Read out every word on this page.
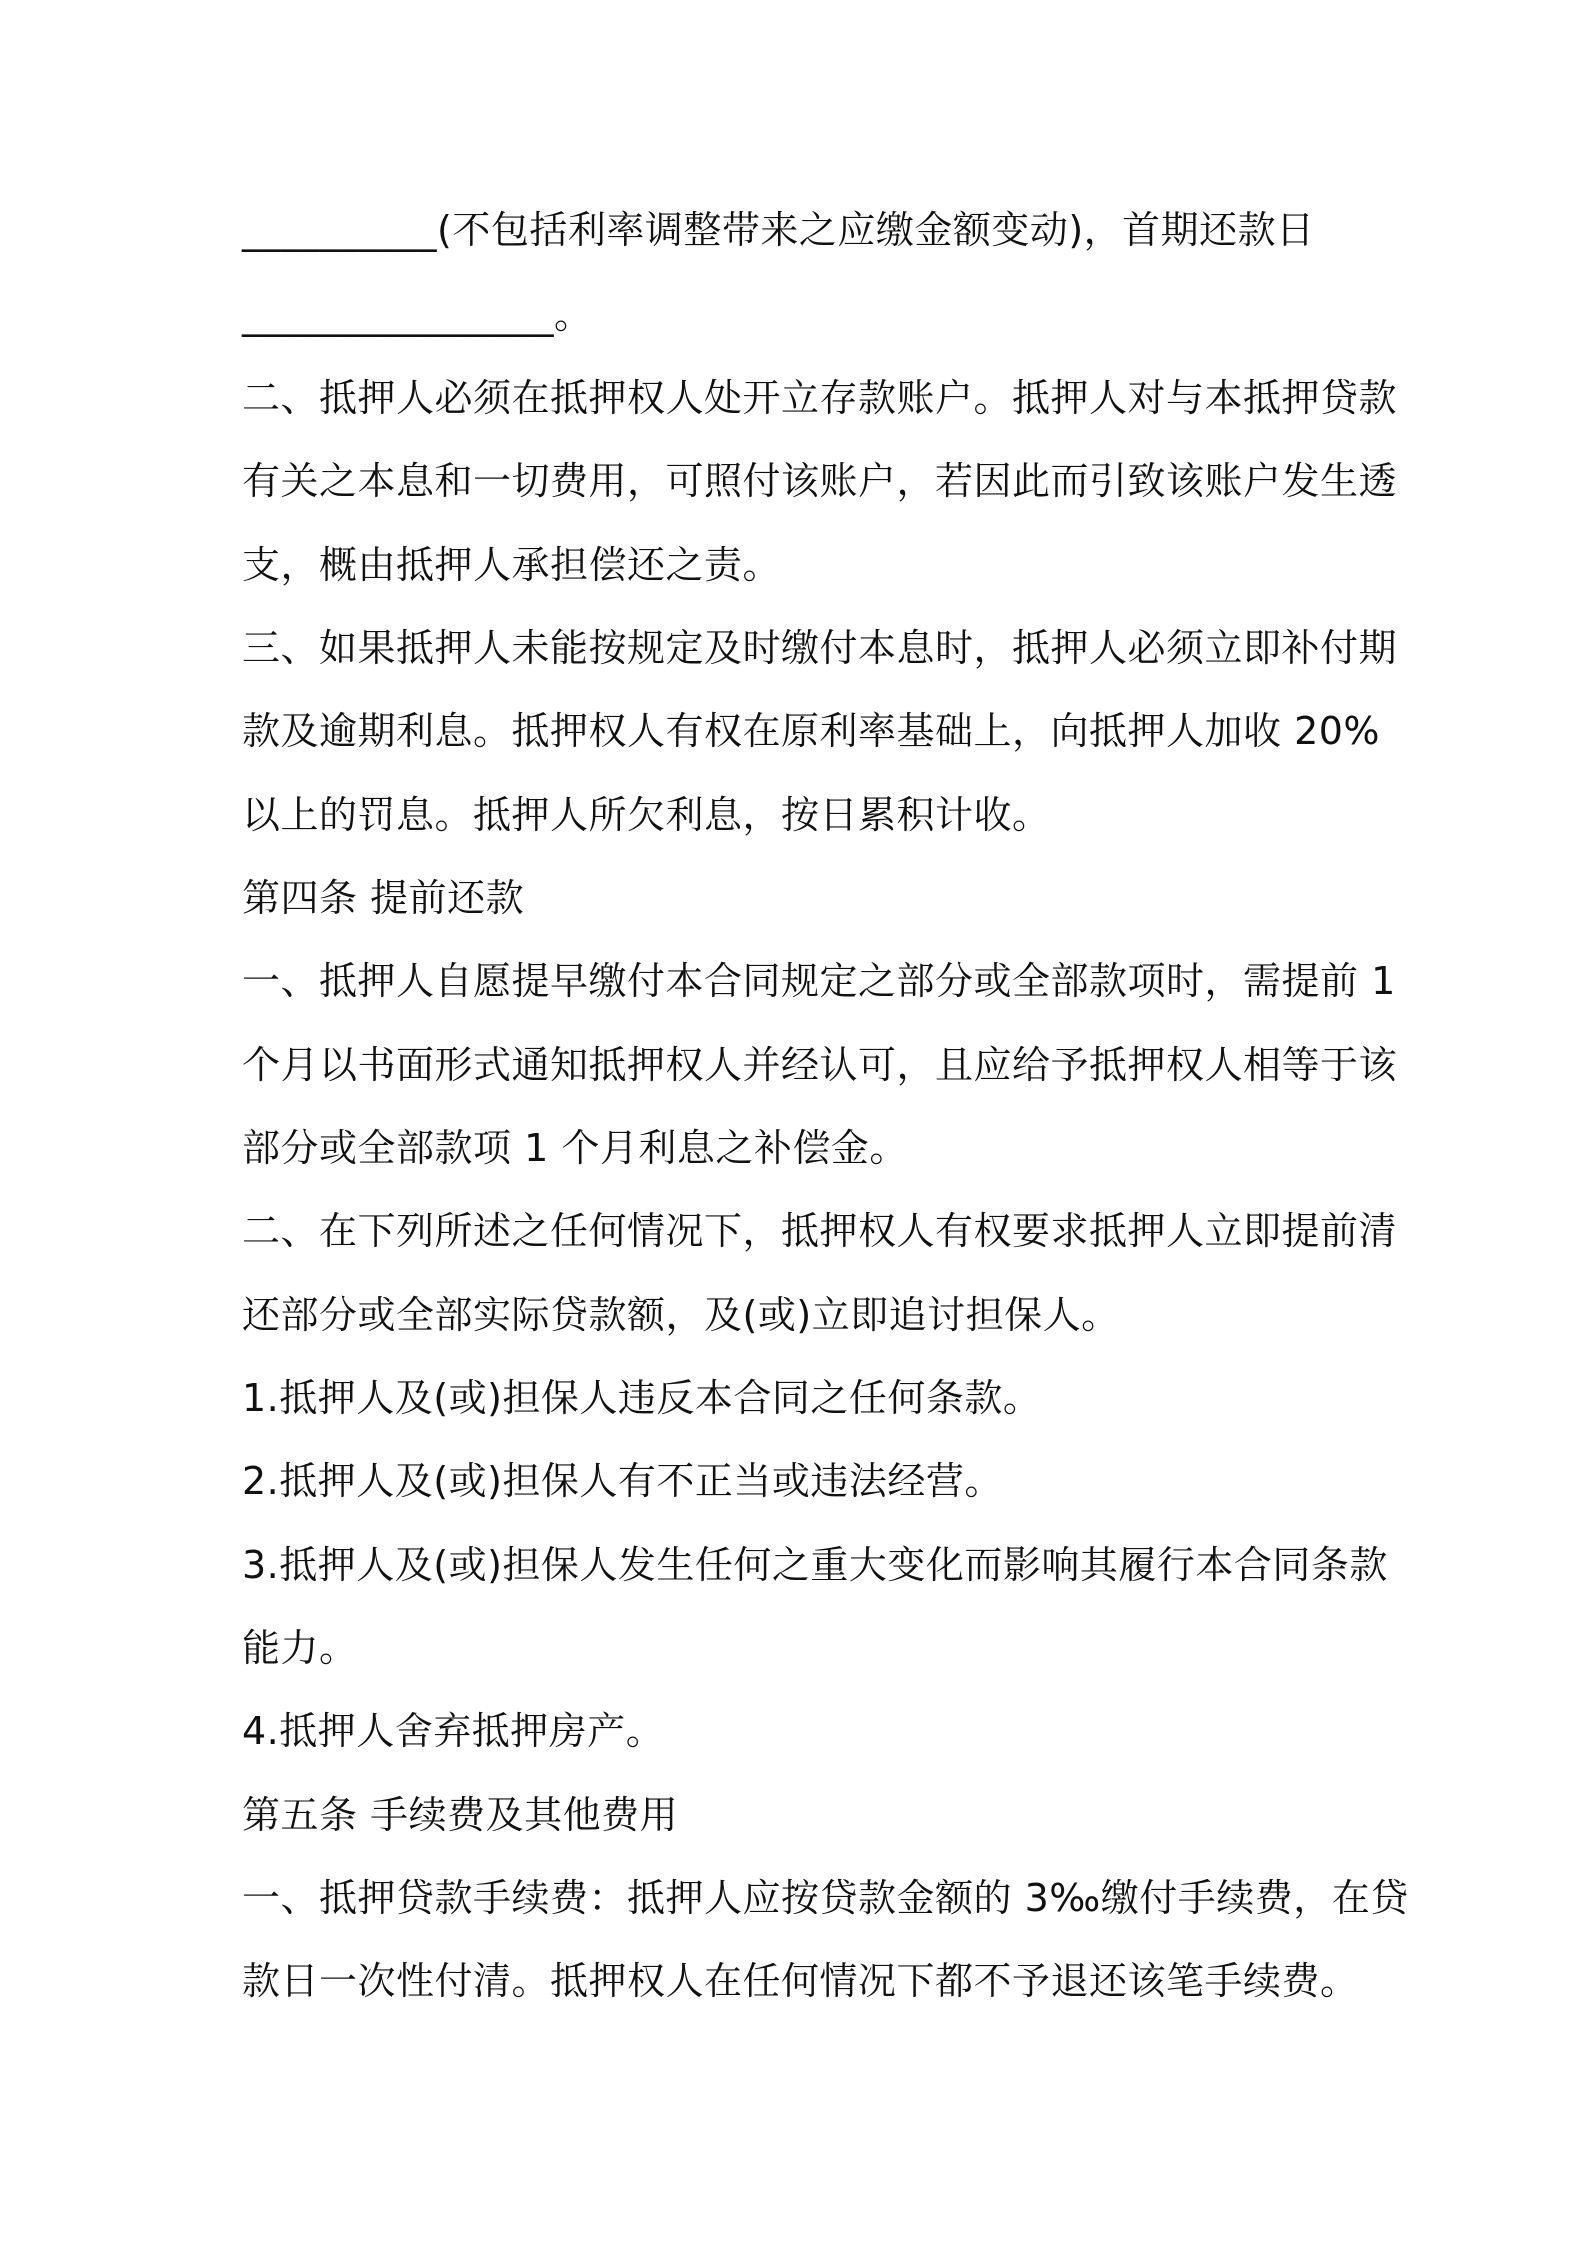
__________(不包括利率调整带来之应缴金额变动)，首期还款日
________________。
二、抵押人必须在抵押权人处开立存款账户。抵押人对与本抵押贷款
有关之本息和一切费用，可照付该账户，若因此而引致该账户发生透
支，概由抵押人承担偿还之责。
三、如果抵押人未能按规定及时缴付本息时，抵押人必须立即补付期
款及逾期利息。抵押权人有权在原利率基础上，向抵押人加收 20%
以上的罚息。抵押人所欠利息，按日累积计收。
第四条 提前还款
一、抵押人自愿提早缴付本合同规定之部分或全部款项时，需提前 1
个月以书面形式通知抵押权人并经认可，且应给予抵押权人相等于该
部分或全部款项 1 个月利息之补偿金。
二、在下列所述之任何情况下，抵押权人有权要求抵押人立即提前清
还部分或全部实际贷款额，及(或)立即追讨担保人。
1.抵押人及(或)担保人违反本合同之任何条款。
2.抵押人及(或)担保人有不正当或违法经营。
3.抵押人及(或)担保人发生任何之重大变化而影响其履行本合同条款
能力。
4.抵押人舍弃抵押房产。
第五条 手续费及其他费用
一、抵押贷款手续费：抵押人应按贷款金额的 3‰缴付手续费，在贷
款日一次性付清。抵押权人在任何情况下都不予退还该笔手续费。
